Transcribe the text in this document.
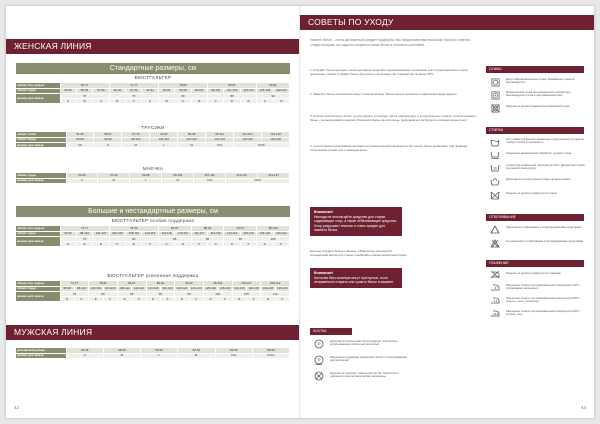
ЖЕНСКАЯ ЛИНИЯ
Стандартные размеры, см
БЮСТГАЛЬТЕР
обхват под грудью	68-72			73-77			78-82			83-87			88-92	
обхват груди	80-82	82-84	87-89	90-91	87-92	92-94	94-96	96-98	99-101	98-100	101-103	103-105	106-108	108-110
размер для заказа	70			75			80			85			90	
	A	B	A	B	C	A	B	C	B	C	D	B	C	D
ТРУСИКИ
обхват талии	51-55	56-57	57-70	70-82	83-95	95-111	111-121	121-140
обхват бедер	80-89	90-96	96-103	103-112	112-122	122-134	134-146	146-158
размер для заказа	XS	S	M	L	XL	XXL	XXXL	
МАЕЧКА
обхват груди	82-86	87-92	93-98	99-105	107-111	114-119	121-127
размер для заказа	S	M	L	XL	XXL	XXXL	
Большие и нестандартные размеры, см
БЮСТГАЛЬТЕР особая поддержка
обхват под грудью	73-77			78-82			83-87		88-92		93-97		98-102	
обхват груди	90-97	98-101	101-107	106-108	108-110	110-115	113-116	110-114	111-117	112-115	113-119	115-118	116-120	116-122
размер для заказа	75			80			85		90		95		100	
	E	E	E	F	E	F	G	E	F	G	E	F	G	F
БЮСТГАЛЬТЕР усиленная поддержка
обхват под грудью	73-77		78-82		83-87		88-92		93-97		98-102		103-107		108-112	
обхват груди	95-99	98-104	100-104	103-109	108-113	110-114	113-118	115-120	120-124	124-129	125-130	128-132	130-135	130-136	134-138	135-140
размер для заказа	75		80		85		90		95		100		105		110	
	E	F	E	F	E	F	E	F	E	F	E	F	E	F	E	F
МУЖСКАЯ ЛИНИЯ
российский размер	46-48	48-50	50-52	52-54	54-56	56-58
размер для заказа	S	M	L	XL	XXL	XXXL
42
СОВЕТЫ ПО УХОДУ
Нижнее белье – очень деликатный предмет гардероба. Мы предлагаем вам несколько простых советов, следуя которым, вы надолго сохраните ваше белье в отличном состоянии.
1. Стирайте белье вручную, используя мягкие средства, предназначенные специально для стирки изделий из тонких деликатных тканей. Стирайте белье вручную в теплой воде при температуре не выше 30ºС.
2. Замочите белье на несколько минут в мыльной воде. Белье нельзя оставлять в замоченном виде надолго.
3. Хорошо прополощите белье: лучше сделать это в воде той же температуры, в которой вы его стирали. Слегка отожмите белье – не выкручивайте изделия. Разложите белье на полотенце, приподняв его за бретели и излишки воды стекут.
4. Сушите белье в расправленном виде на горизонтальной поверхности. Не сушите белье на батарее, под прямыми солнечными лучами или с помощью фена.
Внимание!
Никогда не используйте средства для стирки, содержащие хлор, а также отбеливающие средства. Хлор разрушает эластан и очень вреден для нижнего белья.
Если вы стираете белье в машине, обязательно используйте специальный мешок для стирки и выбирайте режим деликатной стирки.
Внимание!
Косточки бюстгальтера могут прогнуться, если неправильно стирать или сушить белье в машине.
СУШКА
Допустима механическая сушка. Барабанная сушка не рекомендуется
Механическая сушка при нормальной температуре. Рекомендуется сушка в расправленном виде
Изделие не должно подвергаться машинной сушке
СТИРКА
Этот символ разрешает машинную стирку изделия. Стирка не требует особой осторожности
Умеренная механическая обработка, ручная стирка
30
Стирка при нормальной температуре 30ºС. Деликатная стирка при низкой температуре
Допускается только ручная стирка. Не выкручивать
Изделие не должно подвергаться стирке
ОТБЕЛИВАНИЕ
Разрешается отбеливание с хлорсодержащими средствами
Не разрешается отбеливание хлорсодержащими средствами
ГЛАЖЕНИЕ
Изделие не должно подвергаться глажению
Разрешено гладить при максимальной температуре 110ºС (отпаривание запрещено)
Разрешено гладить при максимальной температуре 150ºС (шерсть, шелк, полиэстер)
Разрешено гладить при максимальной температуре 200ºС (хлопок, лен)
ЧИСТКА
P
Допускается химическая чистка изделия. Химчистка с использованием любых растворителей
P
Разрешается щадящая химическая чистка с использованием растворителей
Изделие не подлежит химической чистке. Химчистка и удаление пятен растворителями запрещены
43
